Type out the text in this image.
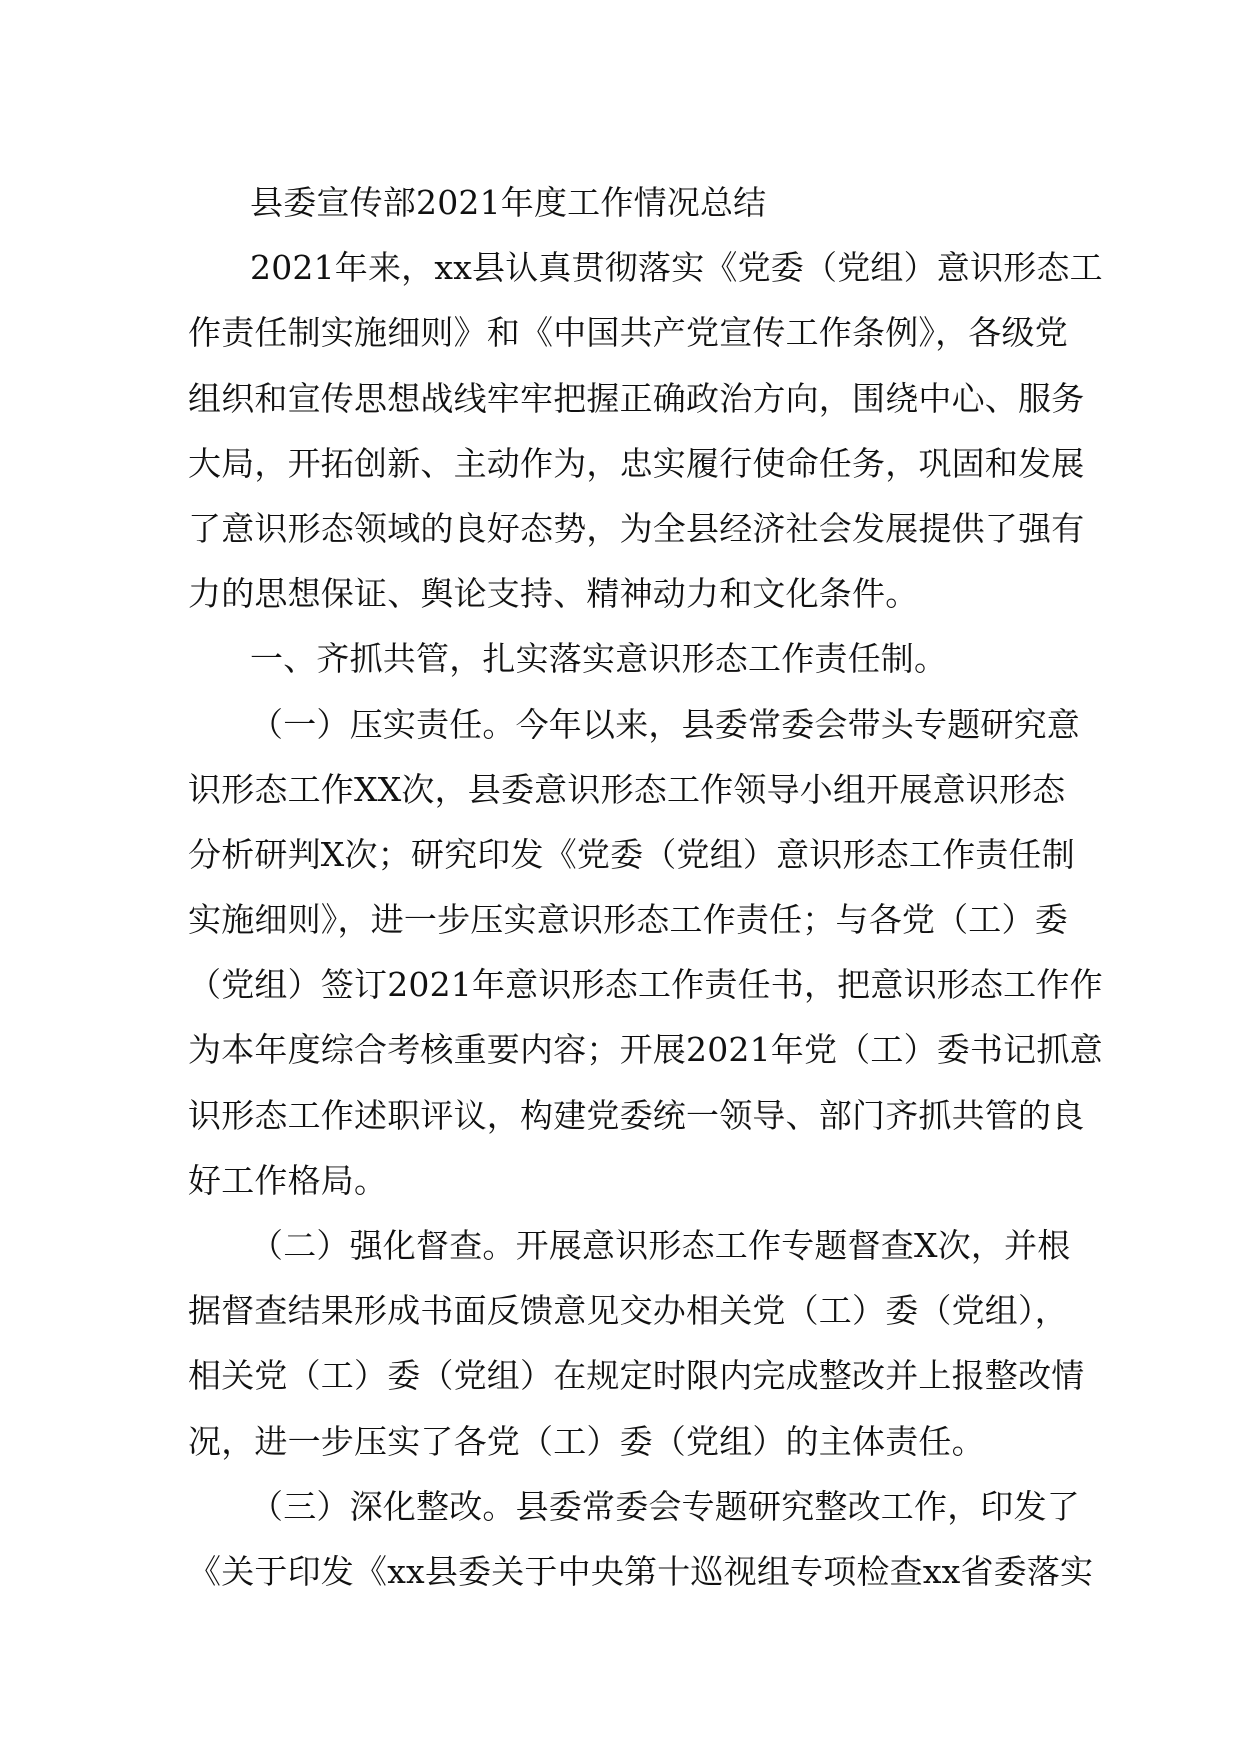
县委宣传部2021年度工作情况总结
2021年来，xx县认真贯彻落实《党委（党组）意识形态工
作责任制实施细则》和《中国共产党宣传工作条例》，各级党
组织和宣传思想战线牢牢把握正确政治方向，围绕中心、服务
大局，开拓创新、主动作为，忠实履行使命任务，巩固和发展
了意识形态领域的良好态势，为全县经济社会发展提供了强有
力的思想保证、舆论支持、精神动力和文化条件。
一、齐抓共管，扎实落实意识形态工作责任制。
（一）压实责任。今年以来，县委常委会带头专题研究意
识形态工作XX次，县委意识形态工作领导小组开展意识形态
分析研判X次；研究印发《党委（党组）意识形态工作责任制
实施细则》，进一步压实意识形态工作责任；与各党（工）委
（党组）签订2021年意识形态工作责任书，把意识形态工作作
为本年度综合考核重要内容；开展2021年党（工）委书记抓意
识形态工作述职评议，构建党委统一领导、部门齐抓共管的良
好工作格局。
（二）强化督查。开展意识形态工作专题督查X次，并根
据督查结果形成书面反馈意见交办相关党（工）委（党组），
相关党（工）委（党组）在规定时限内完成整改并上报整改情
况，进一步压实了各党（工）委（党组）的主体责任。
（三）深化整改。县委常委会专题研究整改工作，印发了
《关于印发《xx县委关于中央第十巡视组专项检查xx省委落实
